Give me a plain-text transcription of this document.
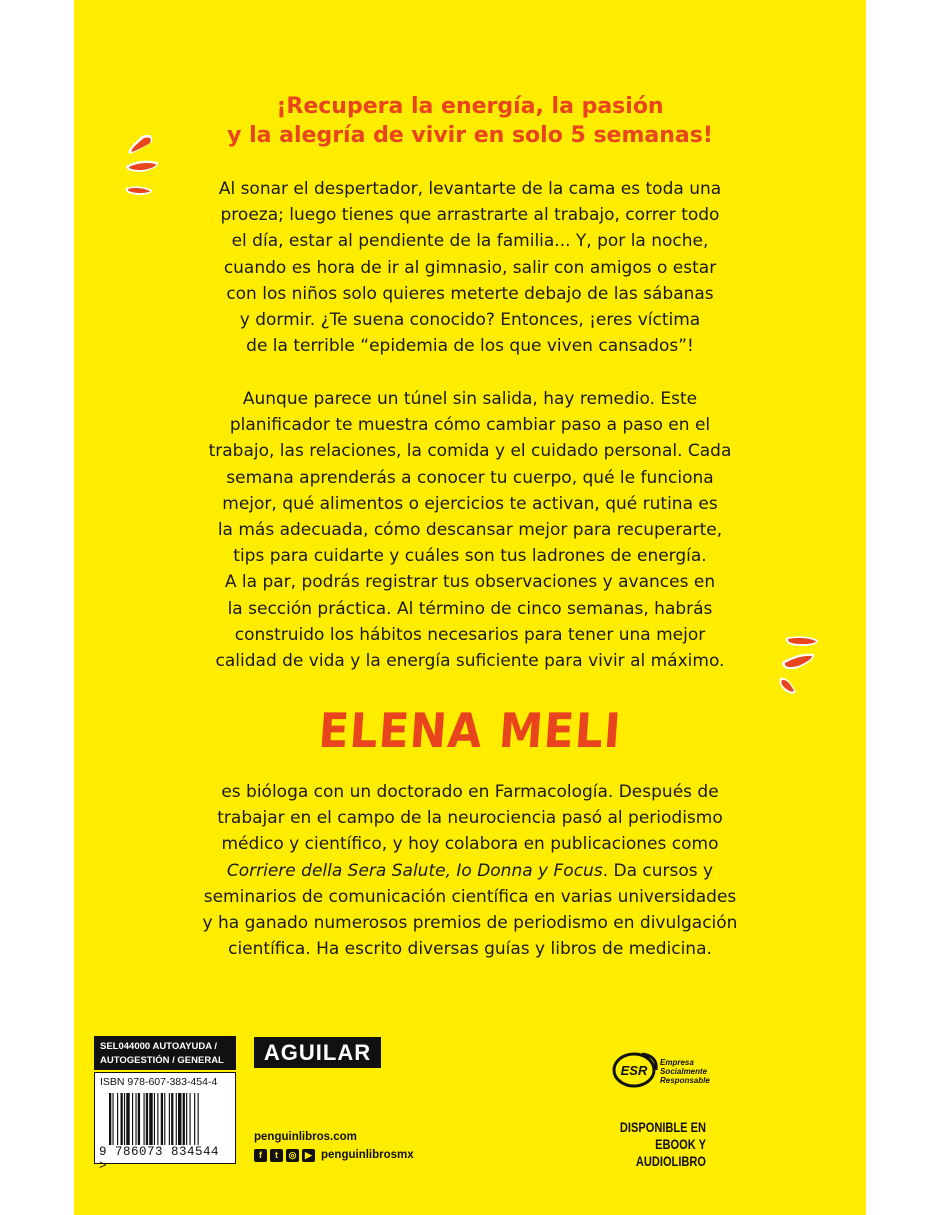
¡Recupera la energía, la pasión
y la alegría de vivir en solo 5 semanas!
Al sonar el despertador, levantarte de la cama es toda una
proeza; luego tienes que arrastrarte al trabajo, correr todo
el día, estar al pendiente de la familia... Y, por la noche,
cuando es hora de ir al gimnasio, salir con amigos o estar
con los niños solo quieres meterte debajo de las sábanas
y dormir. ¿Te suena conocido? Entonces, ¡eres víctima
de la terrible “epidemia de los que viven cansados”!
Aunque parece un túnel sin salida, hay remedio. Este
planificador te muestra cómo cambiar paso a paso en el
trabajo, las relaciones, la comida y el cuidado personal. Cada
semana aprenderás a conocer tu cuerpo, qué le funciona
mejor, qué alimentos o ejercicios te activan, qué rutina es
la más adecuada, cómo descansar mejor para recuperarte,
tips para cuidarte y cuáles son tus ladrones de energía.
A la par, podrás registrar tus observaciones y avances en
la sección práctica. Al término de cinco semanas, habrás
construido los hábitos necesarios para tener una mejor
calidad de vida y la energía suficiente para vivir al máximo.
ELENA MELI
es bióloga con un doctorado en Farmacología. Después de
trabajar en el campo de la neurociencia pasó al periodismo
médico y científico, y hoy colabora en publicaciones como
Corriere della Sera Salute, Io Donna y Focus. Da cursos y
seminarios de comunicación científica en varias universidades
y ha ganado numerosos premios de periodismo en divulgación
científica. Ha escrito diversas guías y libros de medicina.
SEL044000 AUTOAYUDA /
AUTOGESTIÓN / GENERAL
ISBN 978-607-383-454-4
9 786073 834544 >
AGUILAR
penguinlibros.com
f	t	◎ ▶ penguinlibrosmx
ESR
Empresa
Socialmente
Responsable
DISPONIBLE EN
EBOOK Y AUDIOLIBRO
